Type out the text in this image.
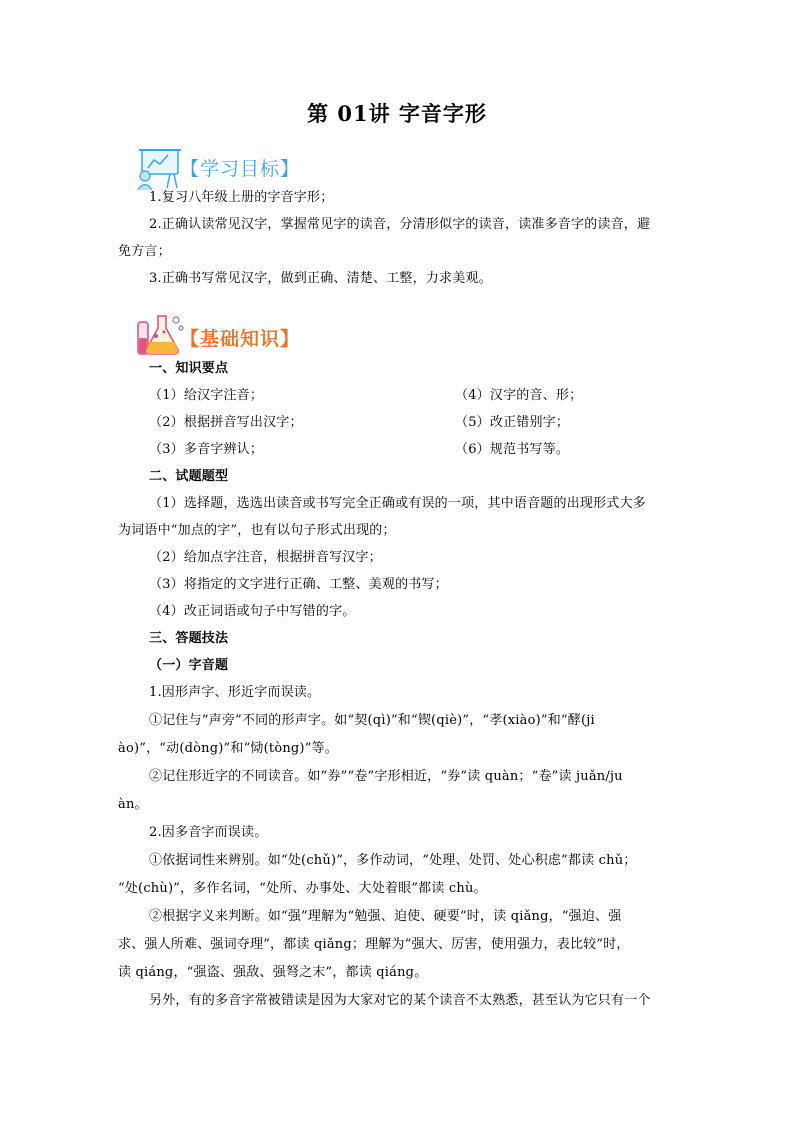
第 01讲 字音字形
【学习目标】
1.复习八年级上册的字音字形；
2.正确认读常见汉字，掌握常见字的读音，分清形似字的读音，读准多音字的读音，避
免方言；
3.正确书写常见汉字，做到正确、清楚、工整，力求美观。
【基础知识】
一、知识要点
（1）给汉字注音；	（4）汉字的音、形；
（2）根据拼音写出汉字；	（5）改正错别字；
（3）多音字辨认；	（6）规范书写等。
二、试题题型
（1）选择题，选选出读音或书写完全正确或有误的一项，其中语音题的出现形式大多
为词语中“加点的字”，也有以句子形式出现的；
（2）给加点字注音，根据拼音写汉字；
（3）将指定的文字进行正确、工整、美观的书写；
（4）改正词语或句子中写错的字。
三、答题技法
（一）字音题
1.因形声字、形近字而误读。
①记住与“声旁”不同的形声字。如“契(qì)”和“锲(qiè)”，“孝(xiào)”和“酵(ji
ào)”，“动(dòng)”和“恸(tòng)”等。
②记住形近字的不同读音。如“券”“卷”字形相近，“券”读 quàn；“卷”读 juǎn/ju
àn。
2.因多音字而误读。
①依据词性来辨别。如“处(chǔ)”，多作动词，“处理、处罚、处心积虑”都读 chǔ；
“处(chù)”，多作名词，“处所、办事处、大处着眼”都读 chù。
②根据字义来判断。如“强”理解为“勉强、迫使、硬要”时，读 qiǎng，“强迫、强
求、强人所难、强词夺理”，都读 qiǎng；理解为“强大、厉害，使用强力，表比较”时，
读 qiáng，“强盗、强敌、强弩之末”，都读 qiáng。
另外，有的多音字常被错读是因为大家对它的某个读音不太熟悉，甚至认为它只有一个
